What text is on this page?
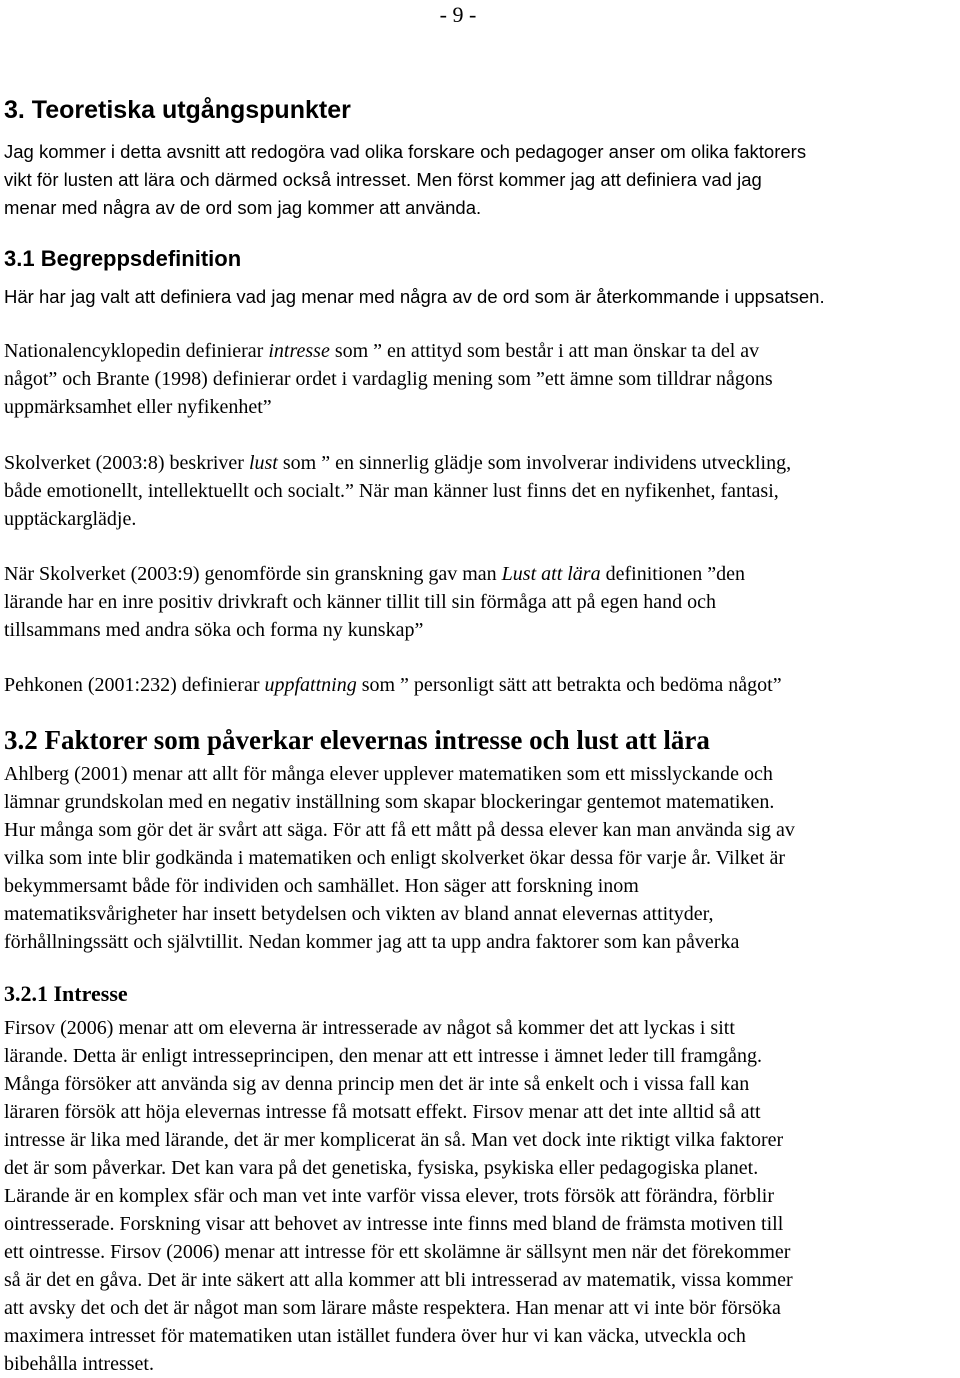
- 9 -
3. Teoretiska utgångspunkter
Jag kommer i detta avsnitt att redogöra vad olika forskare och pedagoger anser om olika faktorers
vikt för lusten att lära och därmed också intresset. Men först kommer jag att definiera vad jag
menar med några av de ord som jag kommer att använda.
3.1 Begreppsdefinition
Här har jag valt att definiera vad jag menar med några av de ord som är återkommande i uppsatsen.
Nationalencyklopedin definierar intresse som ” en attityd som består i att man önskar ta del av
något” och Brante (1998) definierar ordet i vardaglig mening som ”ett ämne som tilldrar någons
uppmärksamhet eller nyfikenhet”
Skolverket (2003:8) beskriver lust som ” en sinnerlig glädje som involverar individens utveckling,
både emotionellt, intellektuellt och socialt.” När man känner lust finns det en nyfikenhet, fantasi,
upptäckarglädje.
När Skolverket (2003:9) genomförde sin granskning gav man Lust att lära definitionen ”den
lärande har en inre positiv drivkraft och känner tillit till sin förmåga att på egen hand och
tillsammans med andra söka och forma ny kunskap”
Pehkonen (2001:232) definierar uppfattning som ” personligt sätt att betrakta och bedöma något”
3.2 Faktorer som påverkar elevernas intresse och lust att lära
Ahlberg (2001) menar att allt för många elever upplever matematiken som ett misslyckande och
lämnar grundskolan med en negativ inställning som skapar blockeringar gentemot matematiken.
Hur många som gör det är svårt att säga. För att få ett mått på dessa elever kan man använda sig av
vilka som inte blir godkända i matematiken och enligt skolverket ökar dessa för varje år. Vilket är
bekymmersamt både för individen och samhället. Hon säger att forskning inom
matematiksvårigheter har insett betydelsen och vikten av bland annat elevernas attityder,
förhållningssätt och självtillit. Nedan kommer jag att ta upp andra faktorer som kan påverka
3.2.1 Intresse
Firsov (2006) menar att om eleverna är intresserade av något så kommer det att lyckas i sitt
lärande. Detta är enligt intresseprincipen, den menar att ett intresse i ämnet leder till framgång.
Många försöker att använda sig av denna princip men det är inte så enkelt och i vissa fall kan
läraren försök att höja elevernas intresse få motsatt effekt. Firsov menar att det inte alltid så att
intresse är lika med lärande, det är mer komplicerat än så. Man vet dock inte riktigt vilka faktorer
det är som påverkar. Det kan vara på det genetiska, fysiska, psykiska eller pedagogiska planet.
Lärande är en komplex sfär och man vet inte varför vissa elever, trots försök att förändra, förblir
ointresserade. Forskning visar att behovet av intresse inte finns med bland de främsta motiven till
ett ointresse. Firsov (2006) menar att intresse för ett skolämne är sällsynt men när det förekommer
så är det en gåva. Det är inte säkert att alla kommer att bli intresserad av matematik, vissa kommer
att avsky det och det är något man som lärare måste respektera. Han menar att vi inte bör försöka
maximera intresset för matematiken utan istället fundera över hur vi kan väcka, utveckla och
bibehålla intresset.
